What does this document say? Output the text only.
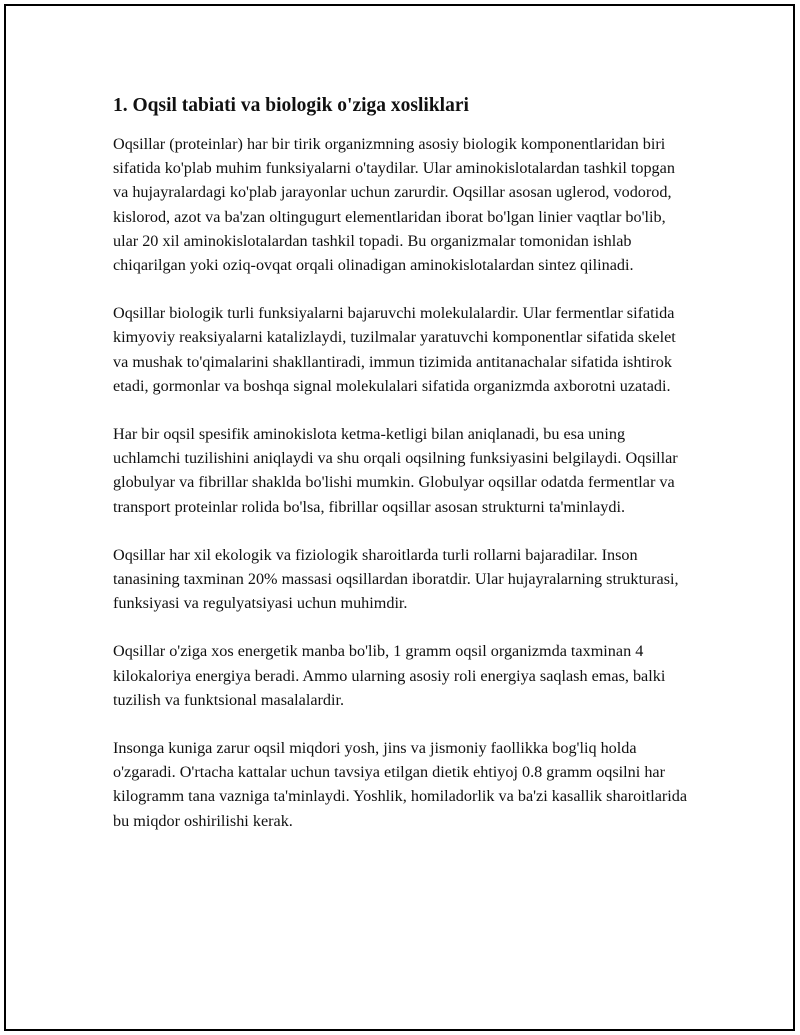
1. Oqsil tabiati va biologik o'ziga xosliklari

Oqsillar (proteinlar) har bir tirik organizmning asosiy biologik komponentlaridan biri sifatida ko'plab muhim funksiyalarni o'taydilar. Ular aminokislotalardan tashkil topgan va hujayralardagi ko'plab jarayonlar uchun zarurdir. Oqsillar asosan uglerod, vodorod, kislorod, azot va ba'zan oltingugurt elementlaridan iborat bo'lgan linier vaqtlar bo'lib, ular 20 xil aminokislotalardan tashkil topadi. Bu organizmalar tomonidan ishlab chiqarilgan yoki oziq-ovqat orqali olinadigan aminokislotalardan sintez qilinadi.

Oqsillar biologik turli funksiyalarni bajaruvchi molekulalardir. Ular fermentlar sifatida kimyoviy reaksiyalarni katalizlaydi, tuzilmalar yaratuvchi komponentlar sifatida skelet va mushak to'qimalarini shakllantiradi, immun tizimida antitanachalar sifatida ishtirok etadi, gormonlar va boshqa signal molekulalari sifatida organizmda axborotni uzatadi.

Har bir oqsil spesifik aminokislota ketma-ketligi bilan aniqlanadi, bu esa uning uchlamchi tuzilishini aniqlaydi va shu orqali oqsilning funksiyasini belgilaydi. Oqsillar globulyar va fibrillar shaklda bo'lishi mumkin. Globulyar oqsillar odatda fermentlar va transport proteinlar rolida bo'lsa, fibrillar oqsillar asosan strukturni ta'minlaydi.

Oqsillar har xil ekologik va fiziologik sharoitlarda turli rollarni bajaradilar. Inson tanasining taxminan 20% massasi oqsillardan iboratdir. Ular hujayralarning strukturasi, funksiyasi va regulyatsiyasi uchun muhimdir.

Oqsillar o'ziga xos energetik manba bo'lib, 1 gramm oqsil organizmda taxminan 4 kilokaloriya energiya beradi. Ammo ularning asosiy roli energiya saqlash emas, balki tuzilish va funktsional masalalardir.

Insonga kuniga zarur oqsil miqdori yosh, jins va jismoniy faollikka bog'liq holda o'zgaradi. O'rtacha kattalar uchun tavsiya etilgan dietik ehtiyoj 0.8 gramm oqsilni har kilogramm tana vazniga ta'minlaydi. Yoshlik, homiladorlik va ba'zi kasallik sharoitlarida bu miqdor oshirilishi kerak.
